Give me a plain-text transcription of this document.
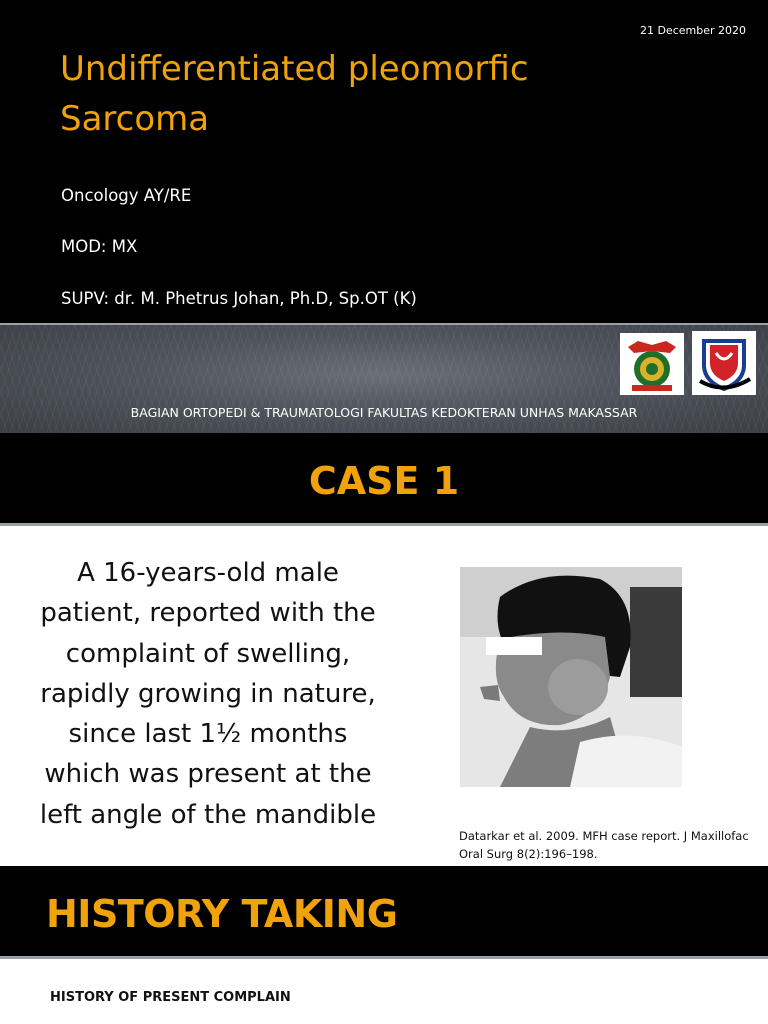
21 December 2020
Undifferentiated pleomorfic
Sarcoma
Oncology AY/RE
MOD: MX
SUPV: dr. M. Phetrus Johan, Ph.D, Sp.OT (K)
BAGIAN ORTOPEDI & TRAUMATOLOGI FAKULTAS KEDOKTERAN UNHAS MAKASSAR
CASE 1
A 16-years-old male
patient, reported with the
complaint of swelling,
rapidly growing in nature,
since last 1½ months
which was present at the
left angle of the mandible
Datarkar et al. 2009. MFH case report. J Maxillofac
Oral Surg 8(2):196–198.
HISTORY TAKING
HISTORY OF PRESENT COMPLAIN
